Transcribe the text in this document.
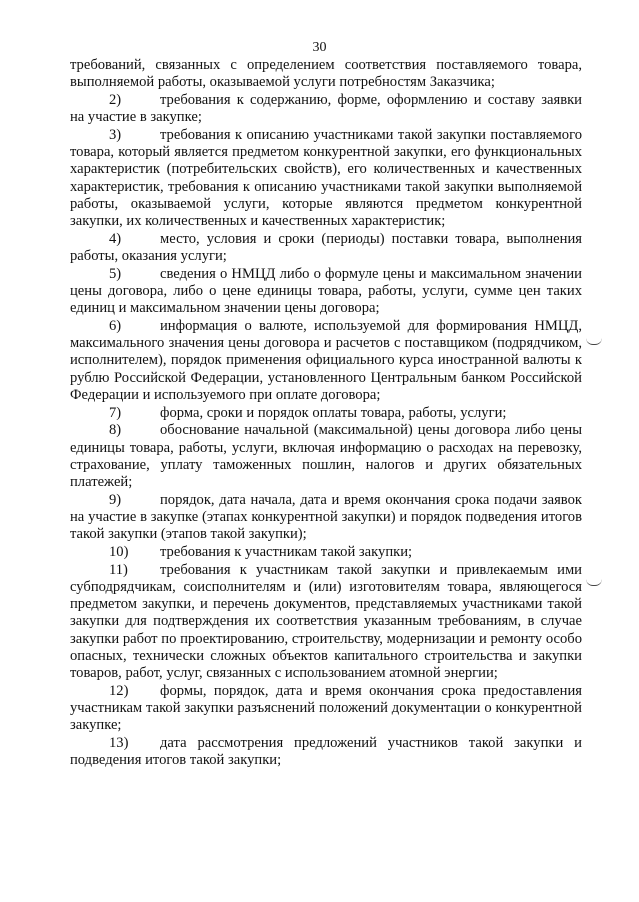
30

требований, связанных с определением соответствия поставляемого товара, выполняемой работы, оказываемой услуги потребностям Заказчика;

2)	требования к содержанию, форме, оформлению и составу заявки на участие в закупке;

3)	требования к описанию участниками такой закупки поставляемого товара, который является предметом конкурентной закупки, его функциональных характеристик (потребительских свойств), его количественных и качественных характеристик, требования к описанию участниками такой закупки выполняемой работы, оказываемой услуги, которые являются предметом конкурентной закупки, их количественных и качественных характеристик;

4)	место, условия и сроки (периоды) поставки товара, выполнения работы, оказания услуги;

5)	сведения о НМЦД либо о формуле цены и максимальном значении цены договора, либо о цене единицы товара, работы, услуги, сумме цен таких единиц и максимальном значении цены договора;

6)	информация о валюте, используемой для формирования НМЦД, максимального значения цены договора и расчетов с поставщиком (подрядчиком, исполнителем), порядок применения официального курса иностранной валюты к рублю Российской Федерации, установленного Центральным банком Российской Федерации и используемого при оплате договора;

7)	форма, сроки и порядок оплаты товара, работы, услуги;

8)	обоснование начальной (максимальной) цены договора либо цены единицы товара, работы, услуги, включая информацию о расходах на перевозку, страхование, уплату таможенных пошлин, налогов и других обязательных платежей;

9)	порядок, дата начала, дата и время окончания срока подачи заявок на участие в закупке (этапах конкурентной закупки) и порядок подведения итогов такой закупки (этапов такой закупки);

10) требования к участникам такой закупки;

11) требования к участникам такой закупки и привлекаемым ими субподрядчикам, соисполнителям и (или) изготовителям товара, являющегося предметом закупки, и перечень документов, представляемых участниками такой закупки для подтверждения их соответствия указанным требованиям, в случае закупки работ по проектированию, строительству, модернизации и ремонту особо опасных, технически сложных объектов капитального строительства и закупки товаров, работ, услуг, связанных с использованием атомной энергии;

12) формы, порядок, дата и время окончания срока предоставления участникам такой закупки разъяснений положений документации о конкурентной закупке;

13) дата рассмотрения предложений участников такой закупки и подведения итогов такой закупки;
